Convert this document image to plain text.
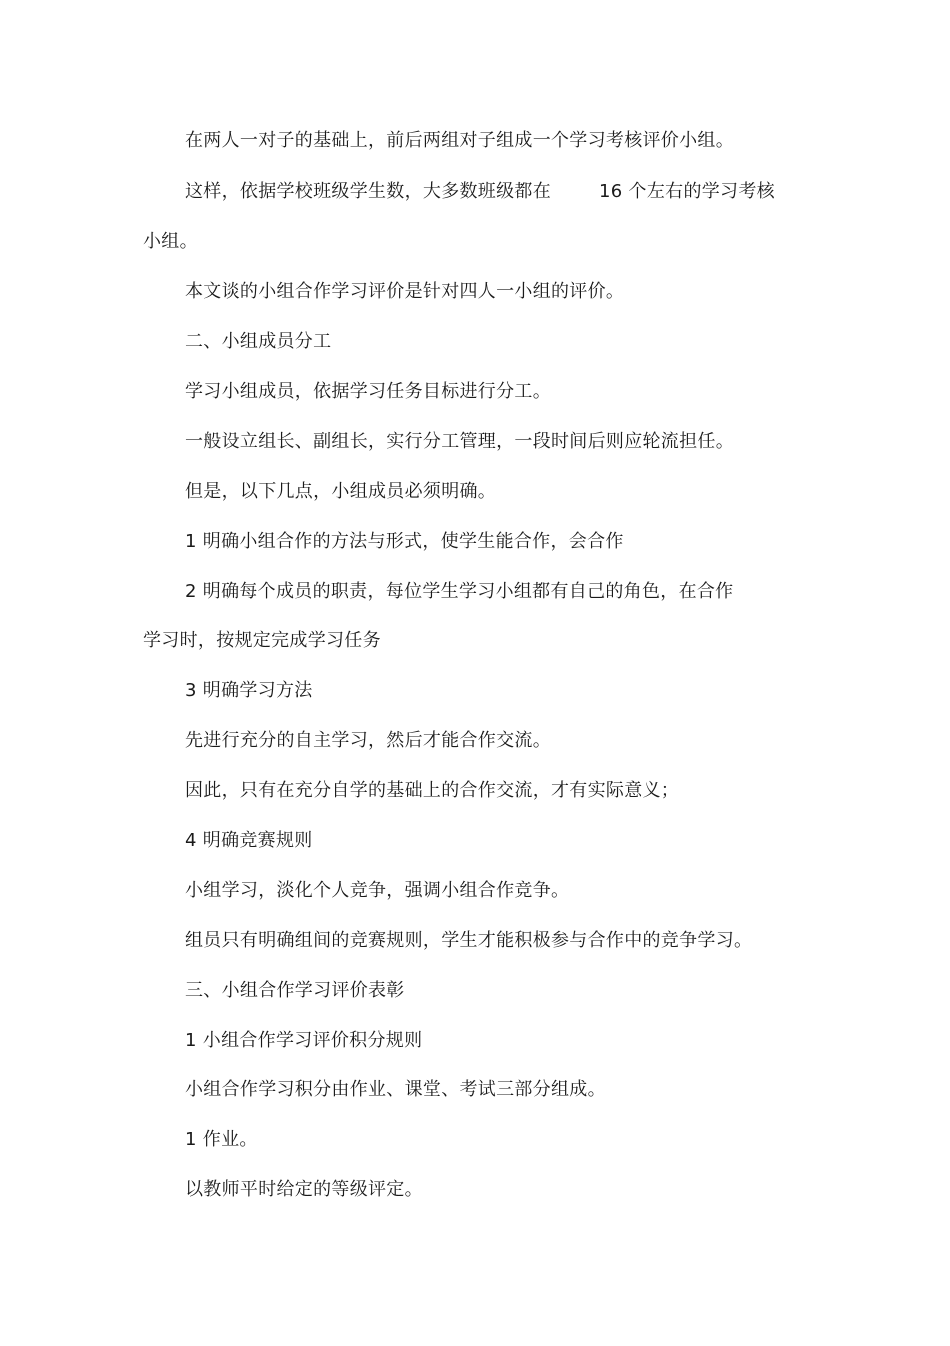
在两人一对子的基础上，前后两组对子组成一个学习考核评价小组。
这样，依据学校班级学生数，大多数班级都在	16 个左右的学习考核
小组。
本文谈的小组合作学习评价是针对四人一小组的评价。
二、小组成员分工
学习小组成员，依据学习任务目标进行分工。
一般设立组长、副组长，实行分工管理，一段时间后则应轮流担任。
但是，以下几点，小组成员必须明确。
1 明确小组合作的方法与形式，使学生能合作，会合作
2 明确每个成员的职责，每位学生学习小组都有自己的角色，在合作
学习时，按规定完成学习任务
3 明确学习方法
先进行充分的自主学习，然后才能合作交流。
因此，只有在充分自学的基础上的合作交流，才有实际意义；
4 明确竞赛规则
小组学习，淡化个人竞争，强调小组合作竞争。
组员只有明确组间的竞赛规则，学生才能积极参与合作中的竞争学习。
三、小组合作学习评价表彰
1 小组合作学习评价积分规则
小组合作学习积分由作业、课堂、考试三部分组成。
1 作业。
以教师平时给定的等级评定。
